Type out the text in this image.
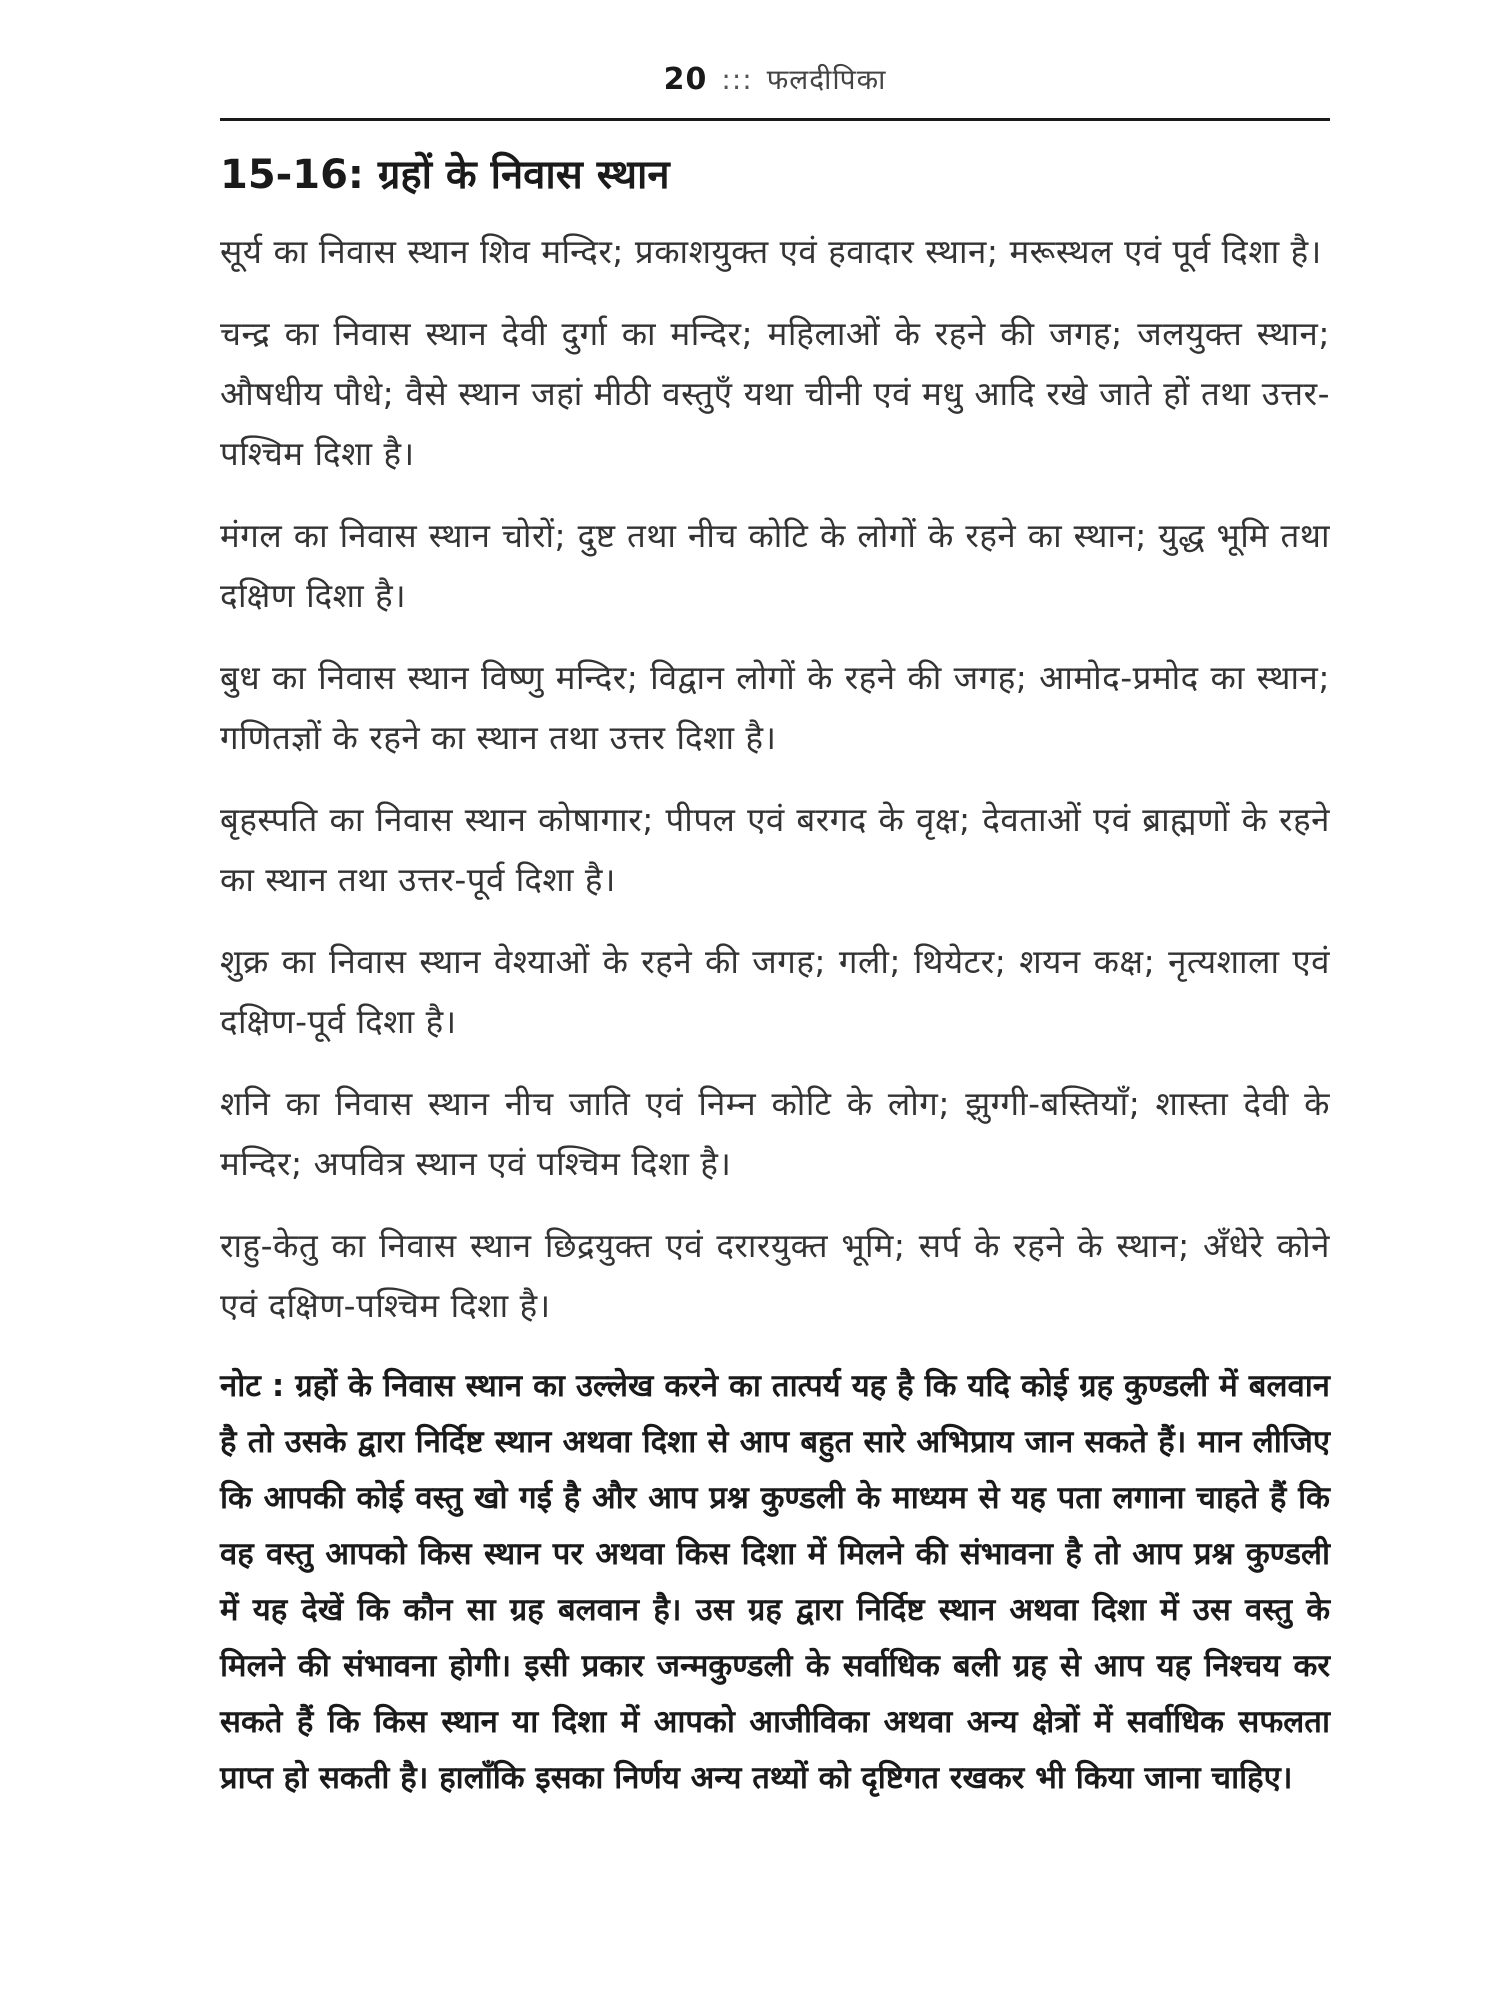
20 ::: फलदीपिका
15-16: ग्रहों के निवास स्थान

सूर्य का निवास स्थान शिव मन्दिर; प्रकाशयुक्त एवं हवादार स्थान; मरूस्थल एवं पूर्व दिशा है।

चन्द्र का निवास स्थान देवी दुर्गा का मन्दिर; महिलाओं के रहने की जगह; जलयुक्त स्थान; औषधीय पौधे; वैसे स्थान जहां मीठी वस्तुएँ यथा चीनी एवं मधु आदि रखे जाते हों तथा उत्तर-पश्चिम दिशा है।

मंगल का निवास स्थान चोरों; दुष्ट तथा नीच कोटि के लोगों के रहने का स्थान; युद्ध भूमि तथा दक्षिण दिशा है।

बुध का निवास स्थान विष्णु मन्दिर; विद्वान लोगों के रहने की जगह; आमोद-प्रमोद का स्थान; गणितज्ञों के रहने का स्थान तथा उत्तर दिशा है।

बृहस्पति का निवास स्थान कोषागार; पीपल एवं बरगद के वृक्ष; देवताओं एवं ब्राह्मणों के रहने का स्थान तथा उत्तर-पूर्व दिशा है।

शुक्र का निवास स्थान वेश्याओं के रहने की जगह; गली; थियेटर; शयन कक्ष; नृत्यशाला एवं दक्षिण-पूर्व दिशा है।

शनि का निवास स्थान नीच जाति एवं निम्न कोटि के लोग; झुग्गी-बस्तियाँ; शास्ता देवी के मन्दिर; अपवित्र स्थान एवं पश्चिम दिशा है।

राहु-केतु का निवास स्थान छिद्रयुक्त एवं दरारयुक्त भूमि; सर्प के रहने के स्थान; अँधेरे कोने एवं दक्षिण-पश्चिम दिशा है।

नोट : ग्रहों के निवास स्थान का उल्लेख करने का तात्पर्य यह है कि यदि कोई ग्रह कुण्डली में बलवान है तो उसके द्वारा निर्दिष्ट स्थान अथवा दिशा से आप बहुत सारे अभिप्राय जान सकते हैं। मान लीजिए कि आपकी कोई वस्तु खो गई है और आप प्रश्न कुण्डली के माध्यम से यह पता लगाना चाहते हैं कि वह वस्तु आपको किस स्थान पर अथवा किस दिशा में मिलने की संभावना है तो आप प्रश्न कुण्डली में यह देखें कि कौन सा ग्रह बलवान है। उस ग्रह द्वारा निर्दिष्ट स्थान अथवा दिशा में उस वस्तु के मिलने की संभावना होगी। इसी प्रकार जन्मकुण्डली के सर्वाधिक बली ग्रह से आप यह निश्चय कर सकते हैं कि किस स्थान या दिशा में आपको आजीविका अथवा अन्य क्षेत्रों में सर्वाधिक सफलता प्राप्त हो सकती है। हालाँकि इसका निर्णय अन्य तथ्यों को दृष्टिगत रखकर भी किया जाना चाहिए।
